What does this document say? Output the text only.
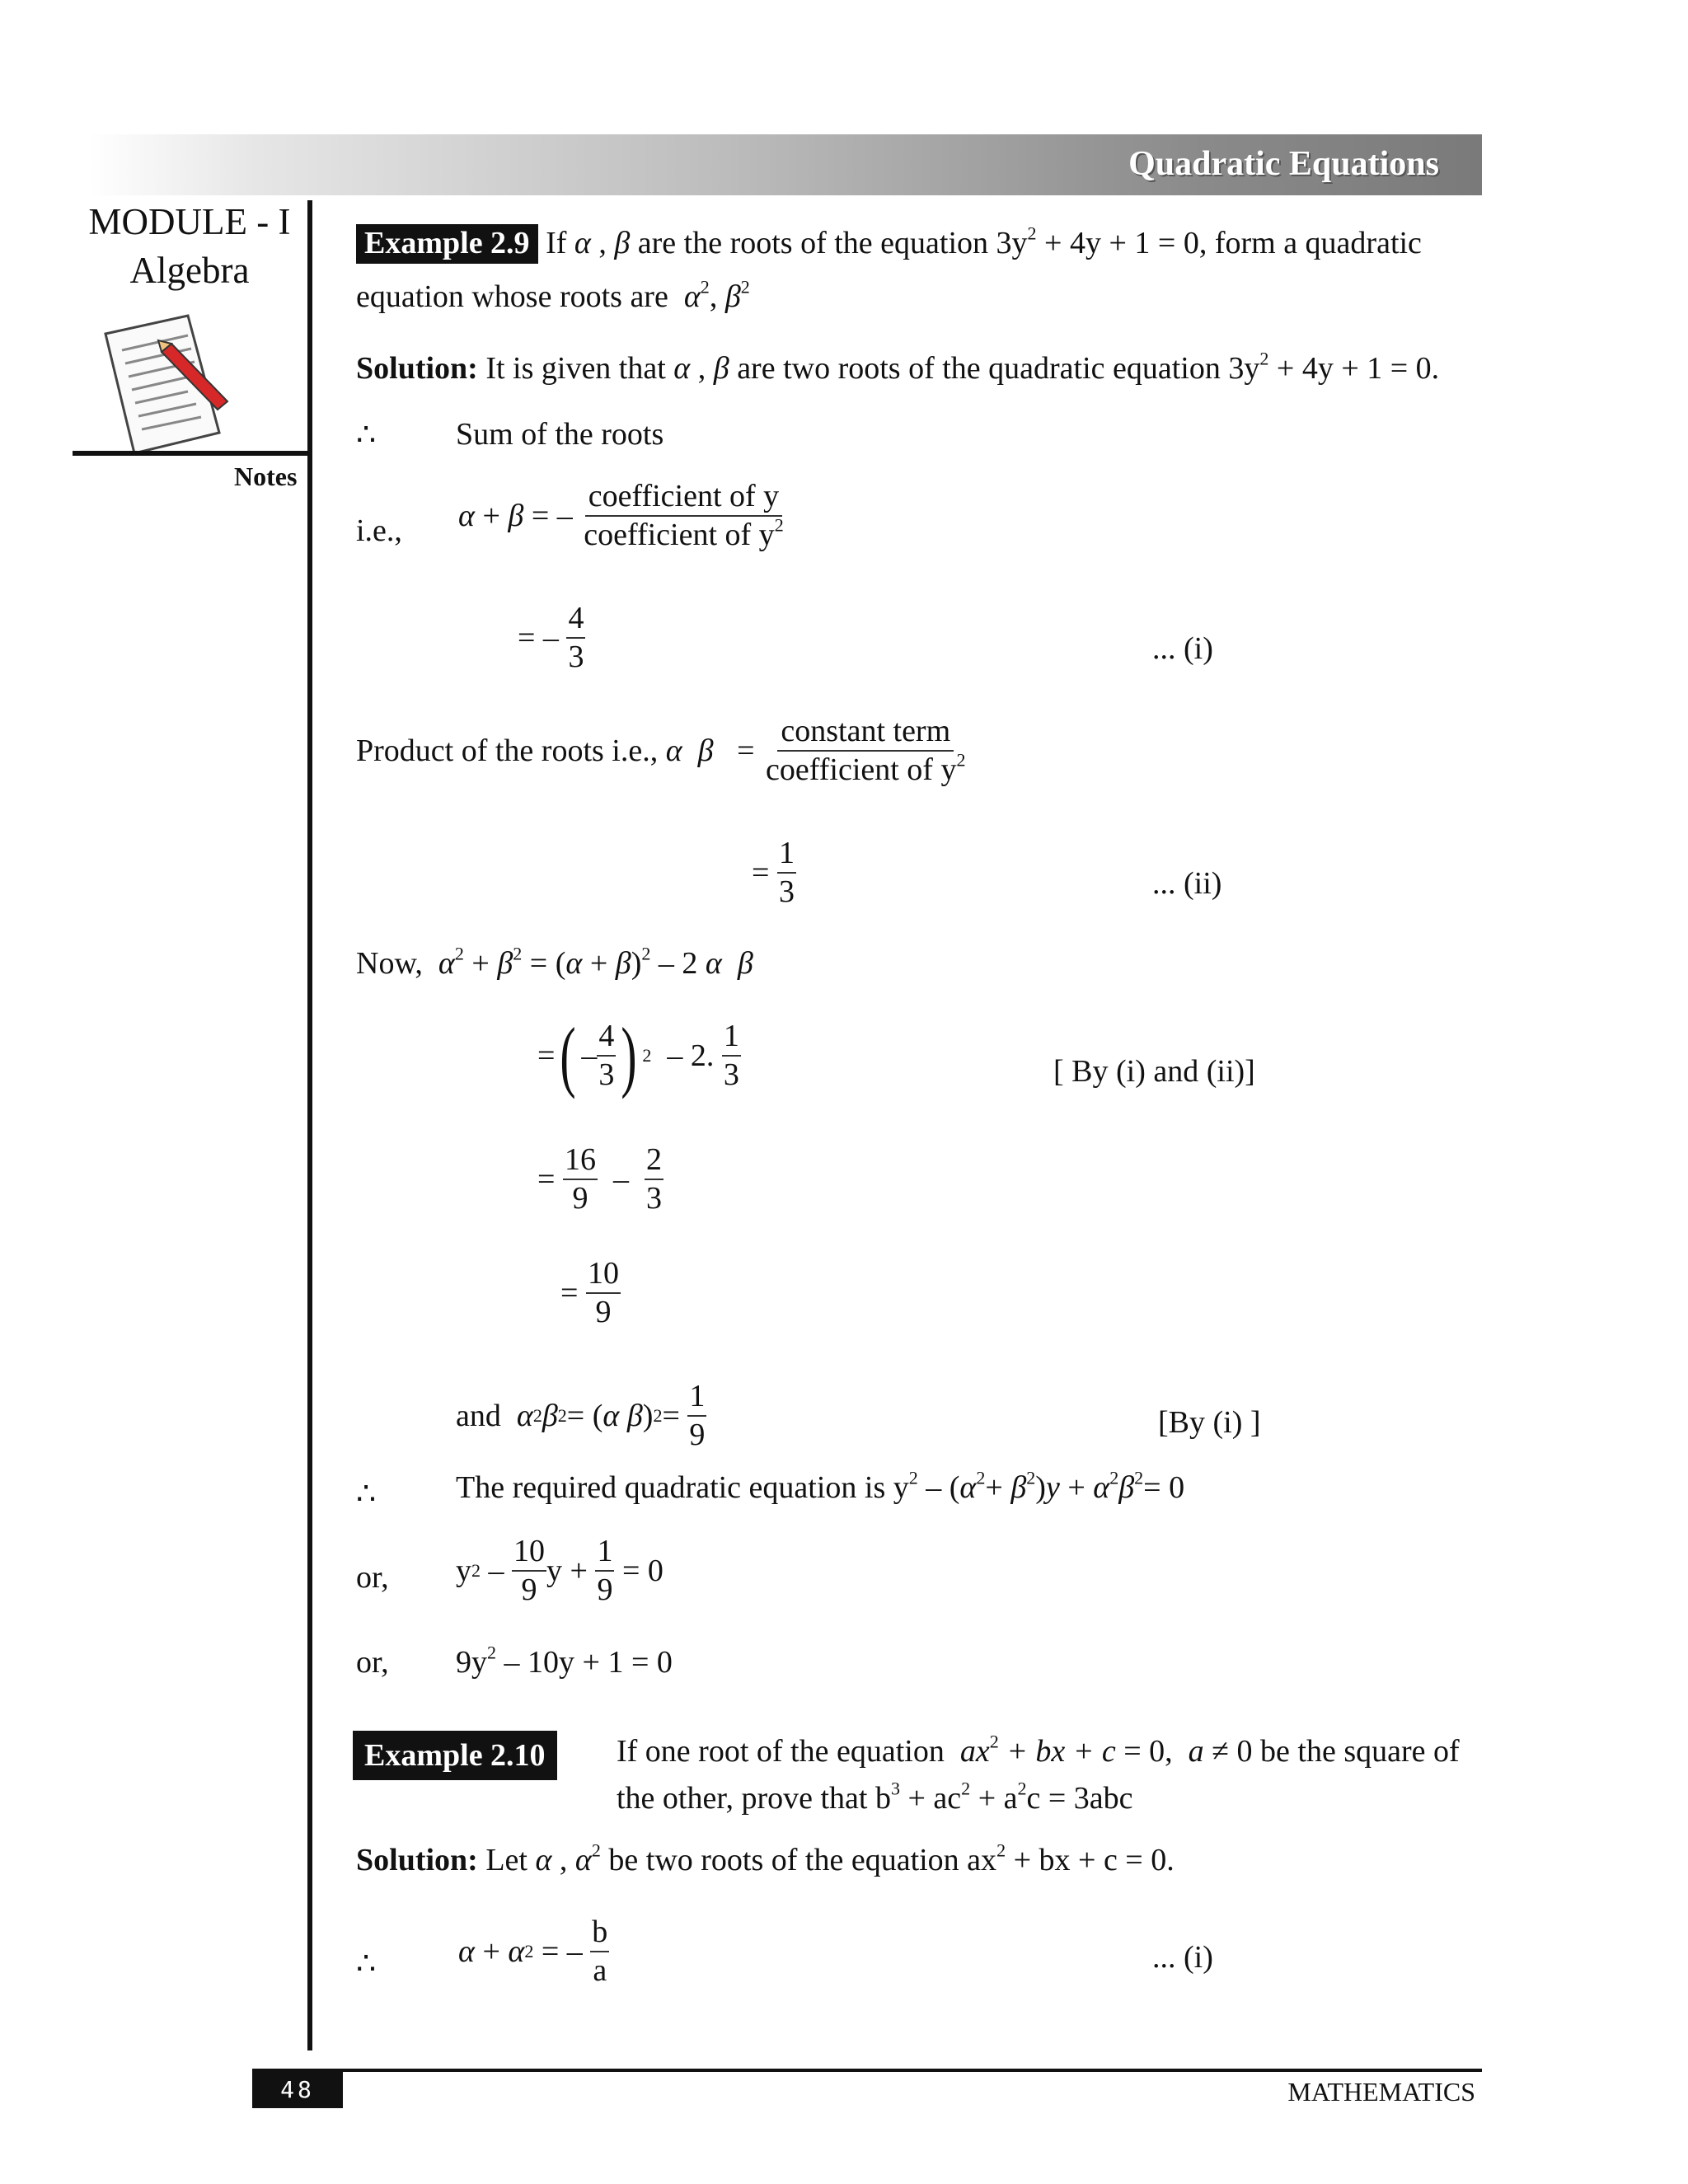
Quadratic Equations
MODULE - I
Algebra
Notes
Example 2.9 If α , β are the roots of the equation $3y^2 + 4y + 1 = 0$, form a quadratic
equation whose roots are $\alpha^2$, $\beta^2$
Solution: It is given that α , β are two roots of the quadratic equation $3y^2 + 4y + 1 = 0$.
∴	Sum of the roots
i.e., α + β = – $\frac{\text{coefficient of y}}{coefficient of y^2}$
= – $\frac{4}{3}$	... (i)
Product of the roots i.e.,
α
$\beta = \frac{\text{constant term}}{coefficient of y^2}$
= $\frac{1}{3}$	... (ii)
Now, $\alpha^2 + \beta^2 = (\alpha + \beta)^2 - 2$ α β
= ( – $\frac{4}{3}$ ) 2 – 2. $\frac{1}{3}$	[ By (i) and (ii)]
= $\frac{16}{9} - \frac{2}{3}$
= $\frac{10}{9}$
and
α 2 β 2 = ( α
β ) $2 = \frac{1}{9}$	[By (i) ]
∴	The required quadratic equation is $y^2 - (\alpha^2+ \beta^2)y + \alpha^2\beta^2= 0$
or, y $2 - \frac{10}{9}$ $y + \frac{1}{9} = 0$
or, $9y^2 - 10y + 1 = 0$
Example 2.10	If one root of the equation $ax^2$ + bx + c = 0,  a ≠ 0 be the square of
the other, prove that $b^3 + ac^2 + a^2c = 3abc$
Solution: Let α , $\alpha^2$ be two roots of the equation $ax^2$ + bx + c = 0.
∴	α + α 2 = – $\frac{b}{a}$	... (i)
48	MATHEMATICS
